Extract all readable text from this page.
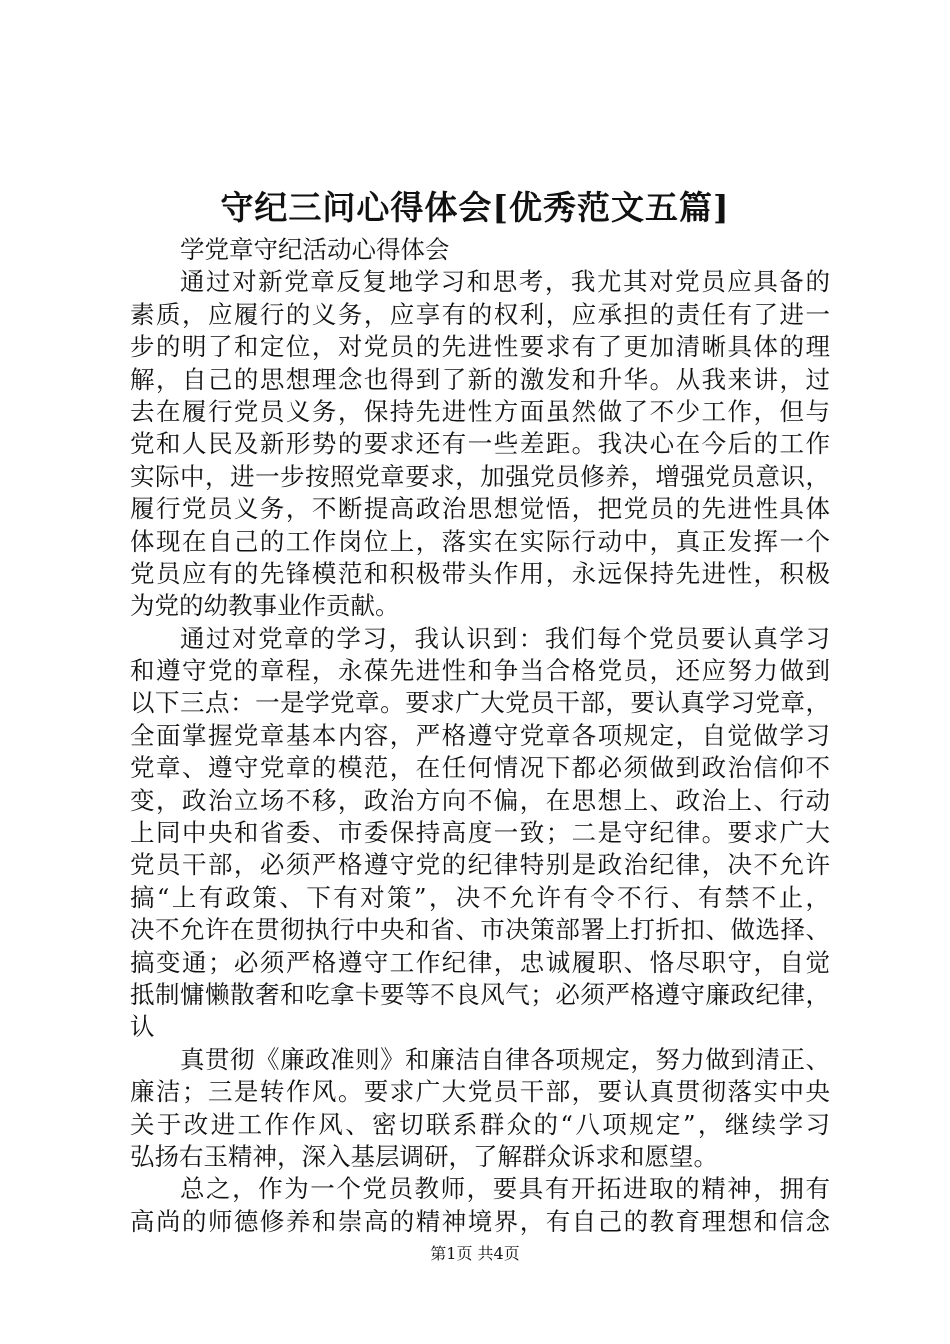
守纪三问心得体会[优秀范文五篇]
学党章守纪活动心得体会
通过对新党章反复地学习和思考，我尤其对党员应具备的
素质，应履行的义务，应享有的权利，应承担的责任有了进一
步的明了和定位，对党员的先进性要求有了更加清晰具体的理
解，自己的思想理念也得到了新的激发和升华。从我来讲，过
去在履行党员义务，保持先进性方面虽然做了不少工作，但与
党和人民及新形势的要求还有一些差距。我决心在今后的工作
实际中，进一步按照党章要求，加强党员修养，增强党员意识，
履行党员义务，不断提高政治思想觉悟，把党员的先进性具体
体现在自己的工作岗位上，落实在实际行动中，真正发挥一个
党员应有的先锋模范和积极带头作用，永远保持先进性，积极
为党的幼教事业作贡献。
通过对党章的学习，我认识到：我们每个党员要认真学习
和遵守党的章程，永葆先进性和争当合格党员，还应努力做到
以下三点：一是学党章。要求广大党员干部，要认真学习党章，
全面掌握党章基本内容，严格遵守党章各项规定，自觉做学习
党章、遵守党章的模范，在任何情况下都必须做到政治信仰不
变，政治立场不移，政治方向不偏，在思想上、政治上、行动
上同中央和省委、市委保持高度一致；二是守纪律。要求广大
党员干部，必须严格遵守党的纪律特别是政治纪律，决不允许
搞“上有政策、下有对策”，决不允许有令不行、有禁不止，
决不允许在贯彻执行中央和省、市决策部署上打折扣、做选择、
搞变通；必须严格遵守工作纪律，忠诚履职、恪尽职守，自觉
抵制慵懒散奢和吃拿卡要等不良风气；必须严格遵守廉政纪律，
认
真贯彻《廉政准则》和廉洁自律各项规定，努力做到清正、
廉洁；三是转作风。要求广大党员干部，要认真贯彻落实中央
关于改进工作作风、密切联系群众的“八项规定”，继续学习
弘扬右玉精神，深入基层调研，了解群众诉求和愿望。
总之，作为一个党员教师，要具有开拓进取的精神，拥有
高尚的师德修养和崇高的精神境界，有自己的教育理想和信念
第1页 共4页
